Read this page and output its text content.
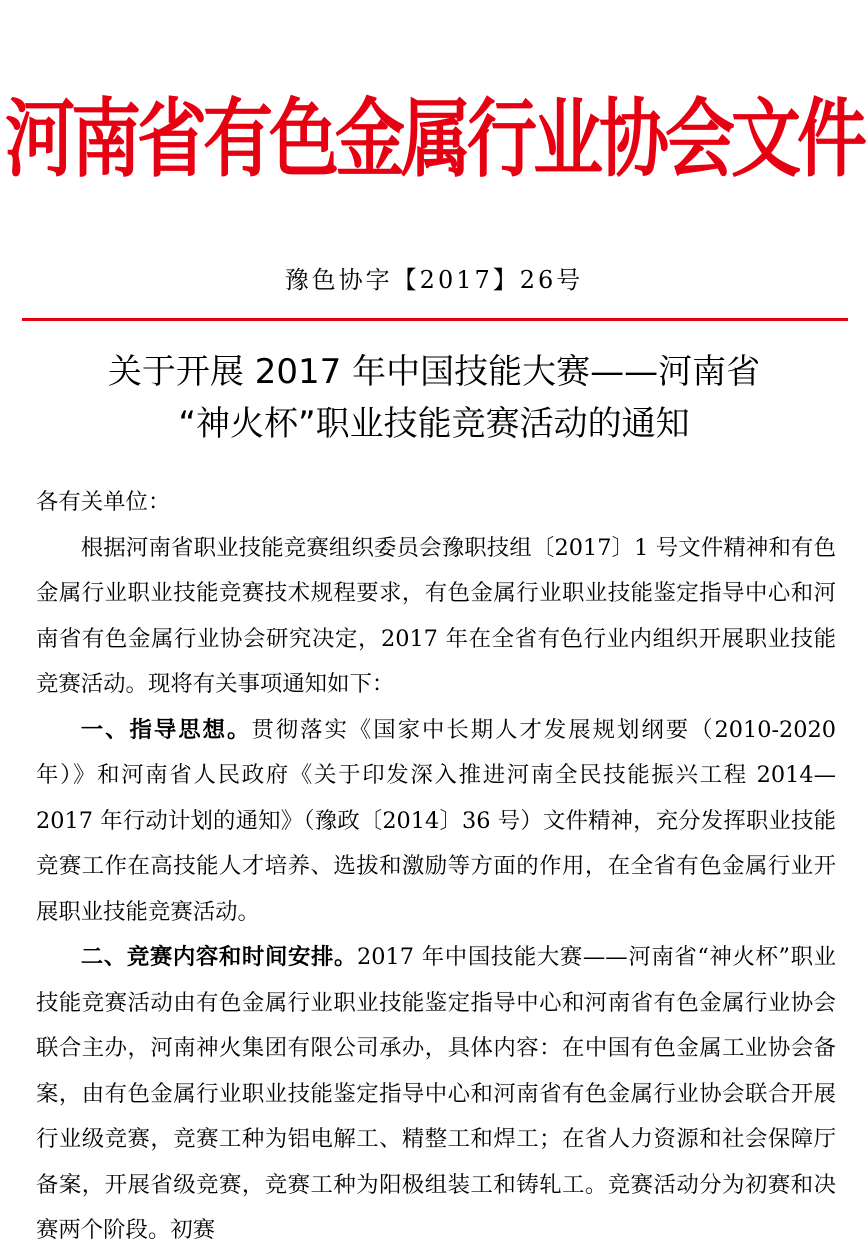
河南省有色金属行业协会文件
豫色协字【2017】26号
关于开展 2017 年中国技能大赛——河南省
“神火杯”职业技能竞赛活动的通知

各有关单位：

根据河南省职业技能竞赛组织委员会豫职技组〔2017〕1 号文件精神和有色金属行业职业技能竞赛技术规程要求，有色金属行业职业技能鉴定指导中心和河南省有色金属行业协会研究决定，2017 年在全省有色行业内组织开展职业技能竞赛活动。现将有关事项通知如下：

一、指导思想。贯彻落实《国家中长期人才发展规划纲要（2010-2020 年）》和河南省人民政府《关于印发深入推进河南全民技能振兴工程 2014—2017 年行动计划的通知》（豫政〔2014〕36 号）文件精神，充分发挥职业技能竞赛工作在高技能人才培养、选拔和激励等方面的作用，在全省有色金属行业开展职业技能竞赛活动。

二、竞赛内容和时间安排。2017 年中国技能大赛——河南省“神火杯”职业技能竞赛活动由有色金属行业职业技能鉴定指导中心和河南省有色金属行业协会联合主办，河南神火集团有限公司承办，具体内容：在中国有色金属工业协会备案，由有色金属行业职业技能鉴定指导中心和河南省有色金属行业协会联合开展行业级竞赛，竞赛工种为铝电解工、精整工和焊工；在省人力资源和社会保障厅备案，开展省级竞赛，竞赛工种为阳极组装工和铸轧工。竞赛活动分为初赛和决赛两个阶段。初赛
